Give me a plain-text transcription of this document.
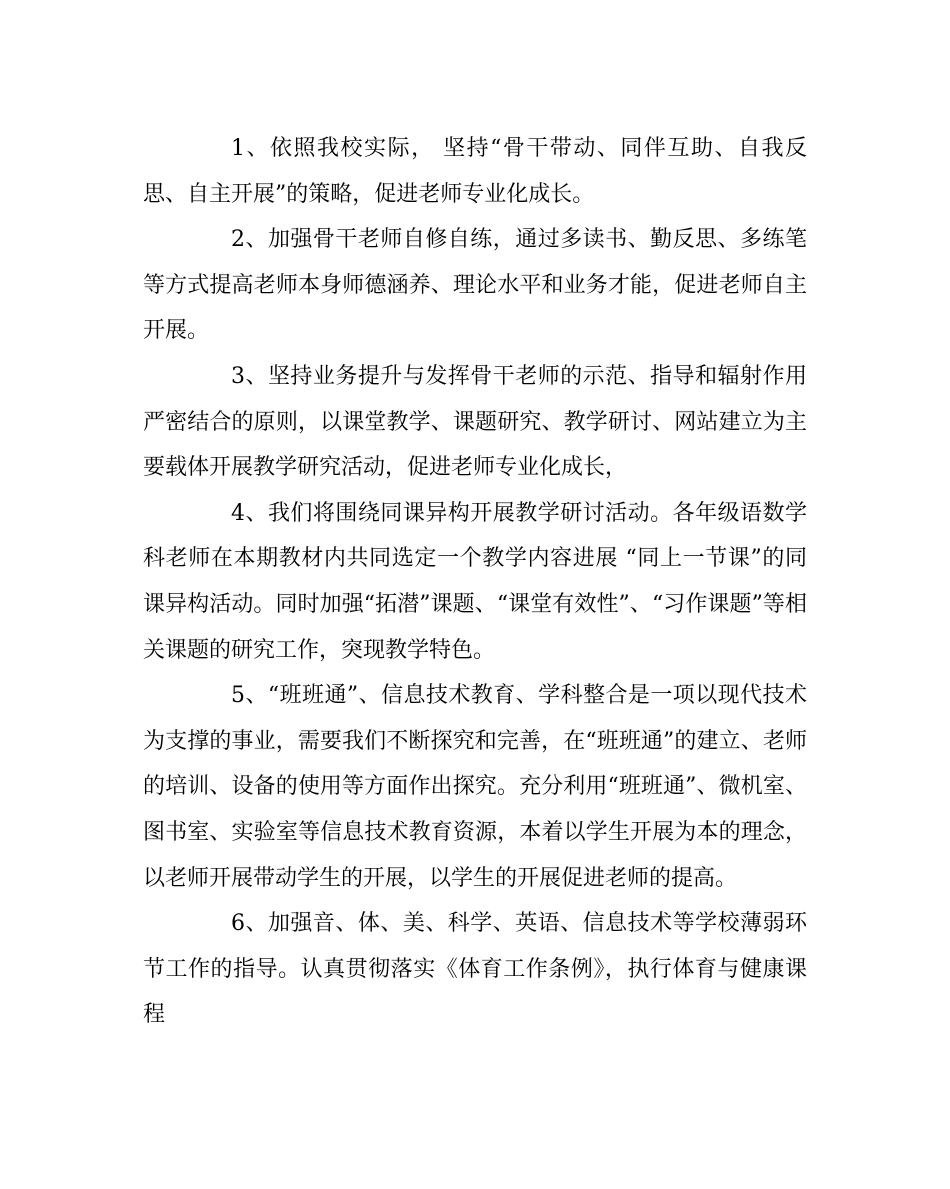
1、依照我校实际， 坚持“骨干带动、同伴互助、自我反思、自主开展”的策略，促进老师专业化成长。

2、加强骨干老师自修自练，通过多读书、勤反思、多练笔等方式提高老师本身师德涵养、理论水平和业务才能，促进老师自主开展。

3、坚持业务提升与发挥骨干老师的示范、指导和辐射作用严密结合的原则，以课堂教学、课题研究、教学研讨、网站建立为主要载体开展教学研究活动，促进老师专业化成长，

4、我们将围绕同课异构开展教学研讨活动。各年级语数学科老师在本期教材内共同选定一个教学内容进展 “同上一节课”的同课异构活动。同时加强“拓潜”课题、“课堂有效性”、“习作课题”等相关课题的研究工作，突现教学特色。

5、“班班通”、信息技术教育、学科整合是一项以现代技术为支撑的事业，需要我们不断探究和完善，在“班班通”的建立、老师的培训、设备的使用等方面作出探究。充分利用“班班通”、微机室、图书室、实验室等信息技术教育资源，本着以学生开展为本的理念，以老师开展带动学生的开展，以学生的开展促进老师的提高。

6、加强音、体、美、科学、英语、信息技术等学校薄弱环节工作的指导。认真贯彻落实《体育工作条例》，执行体育与健康课程
